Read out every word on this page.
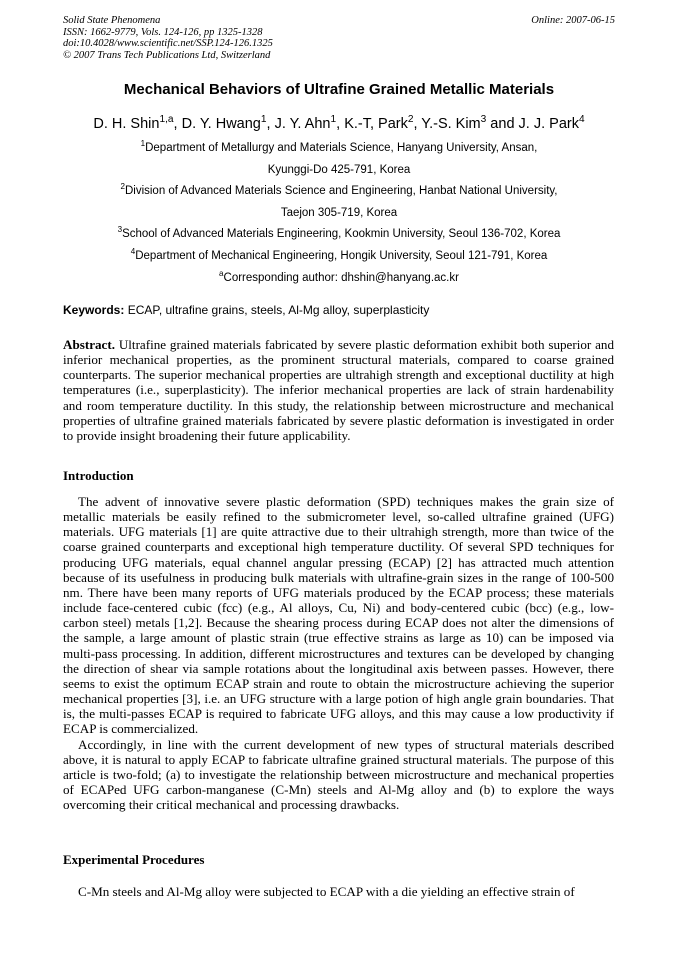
Solid State Phenomena
ISSN: 1662-9779, Vols. 124-126, pp 1325-1328
doi:10.4028/www.scientific.net/SSP.124-126.1325
© 2007 Trans Tech Publications Ltd, Switzerland
Online: 2007-06-15
Mechanical Behaviors of Ultrafine Grained Metallic Materials
D. H. Shin$^{1,a}$, D. Y. Hwang$^1$, J. Y. Ahn$^1$, K.-T, Park$^2$, Y.-S. Kim$^3$ and J. J. Park$^4$
$^1$Department of Metallurgy and Materials Science, Hanyang University, Ansan,
Kyunggi-Do 425-791, Korea
$^2$Division of Advanced Materials Science and Engineering, Hanbat National University,
Taejon 305-719, Korea
$^3$School of Advanced Materials Engineering, Kookmin University, Seoul 136-702, Korea
$^4$Department of Mechanical Engineering, Hongik University, Seoul 121-791, Korea
$^a$Corresponding author: dhshin@hanyang.ac.kr
Keywords: ECAP, ultrafine grains, steels, Al-Mg alloy, superplasticity
Abstract. Ultrafine grained materials fabricated by severe plastic deformation exhibit both superior and inferior mechanical properties, as the prominent structural materials, compared to coarse grained counterparts. The superior mechanical properties are ultrahigh strength and exceptional ductility at high temperatures (i.e., superplasticity). The inferior mechanical properties are lack of strain hardenability and room temperature ductility. In this study, the relationship between microstructure and mechanical properties of ultrafine grained materials fabricated by severe plastic deformation is investigated in order to provide insight broadening their future applicability.
Introduction

The advent of innovative severe plastic deformation (SPD) techniques makes the grain size of metallic materials be easily refined to the submicrometer level, so-called ultrafine grained (UFG) materials. UFG materials [1] are quite attractive due to their ultrahigh strength, more than twice of the coarse grained counterparts and exceptional high temperature ductility. Of several SPD techniques for producing UFG materials, equal channel angular pressing (ECAP) [2] has attracted much attention because of its usefulness in producing bulk materials with ultrafine-grain sizes in the range of 100-500 nm. There have been many reports of UFG materials produced by the ECAP process; these materials include face-centered cubic (fcc) (e.g., Al alloys, Cu, Ni) and body-centered cubic (bcc) (e.g., low-carbon steel) metals [1,2]. Because the shearing process during ECAP does not alter the dimensions of the sample, a large amount of plastic strain (true effective strains as large as 10) can be imposed via multi-pass processing. In addition, different microstructures and textures can be developed by changing the direction of shear via sample rotations about the longitudinal axis between passes. However, there seems to exist the optimum ECAP strain and route to obtain the microstructure achieving the superior mechanical properties [3], i.e. an UFG structure with a large potion of high angle grain boundaries. That is, the multi-passes ECAP is required to fabricate UFG alloys, and this may cause a low productivity if ECAP is commercialized.

Accordingly, in line with the current development of new types of structural materials described above, it is natural to apply ECAP to fabricate ultrafine grained structural materials. The purpose of this article is two-fold; (a) to investigate the relationship between microstructure and mechanical properties of ECAPed UFG carbon-manganese (C-Mn) steels and Al-Mg alloy and (b) to explore the ways overcoming their critical mechanical and processing drawbacks.

Experimental Procedures

C-Mn steels and Al-Mg alloy were subjected to ECAP with a die yielding an effective strain of
